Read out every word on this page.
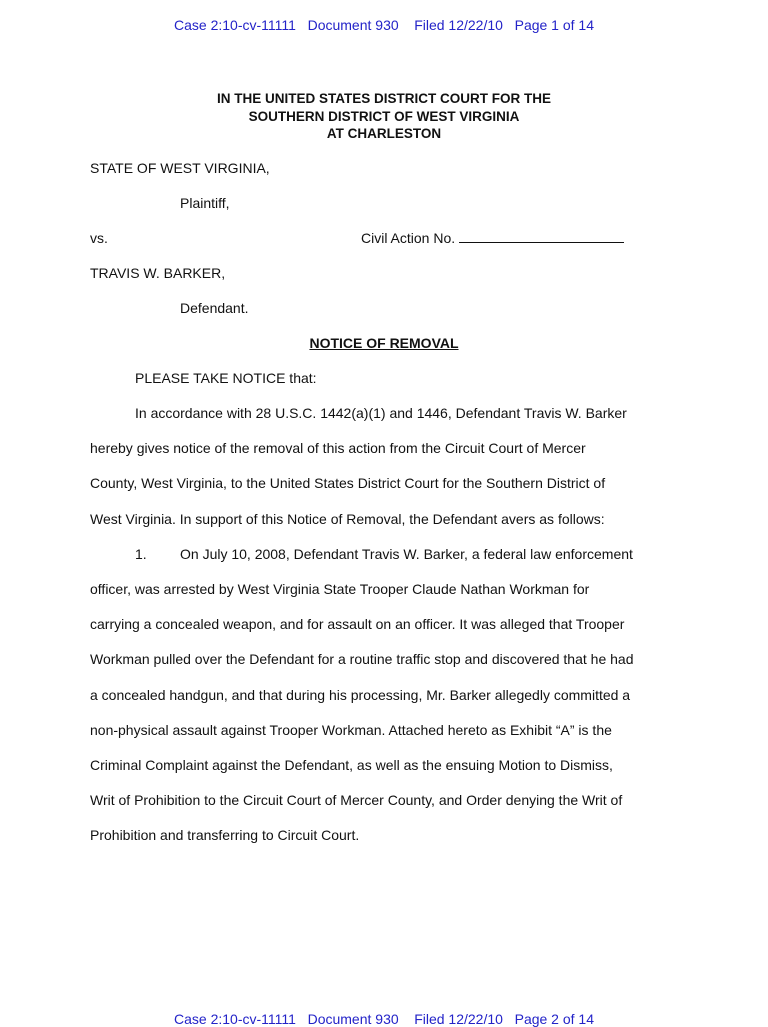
Case 2:10-cv-11111   Document 930    Filed 12/22/10   Page 1 of 14
IN THE UNITED STATES DISTRICT COURT FOR THE
SOUTHERN DISTRICT OF WEST VIRGINIA
AT CHARLESTON
STATE OF WEST VIRGINIA,
Plaintiff,
vs.	Civil Action No.
TRAVIS W. BARKER,
Defendant.
NOTICE OF REMOVAL
PLEASE TAKE NOTICE that:
In accordance with 28 U.S.C. 1442(a)(1) and 1446, Defendant Travis W. Barker
hereby gives notice of the removal of this action from the Circuit Court of Mercer
County, West Virginia, to the United States District Court for the Southern District of
West Virginia. In support of this Notice of Removal, the Defendant avers as follows:
1. On July 10, 2008, Defendant Travis W. Barker, a federal law enforcement
officer, was arrested by West Virginia State Trooper Claude Nathan Workman for
carrying a concealed weapon, and for assault on an officer. It was alleged that Trooper
Workman pulled over the Defendant for a routine traffic stop and discovered that he had
a concealed handgun, and that during his processing, Mr. Barker allegedly committed a
non-physical assault against Trooper Workman. Attached hereto as Exhibit “A” is the
Criminal Complaint against the Defendant, as well as the ensuing Motion to Dismiss,
Writ of Prohibition to the Circuit Court of Mercer County, and Order denying the Writ of
Prohibition and transferring to Circuit Court.
Case 2:10-cv-11111   Document 930    Filed 12/22/10   Page 2 of 14
